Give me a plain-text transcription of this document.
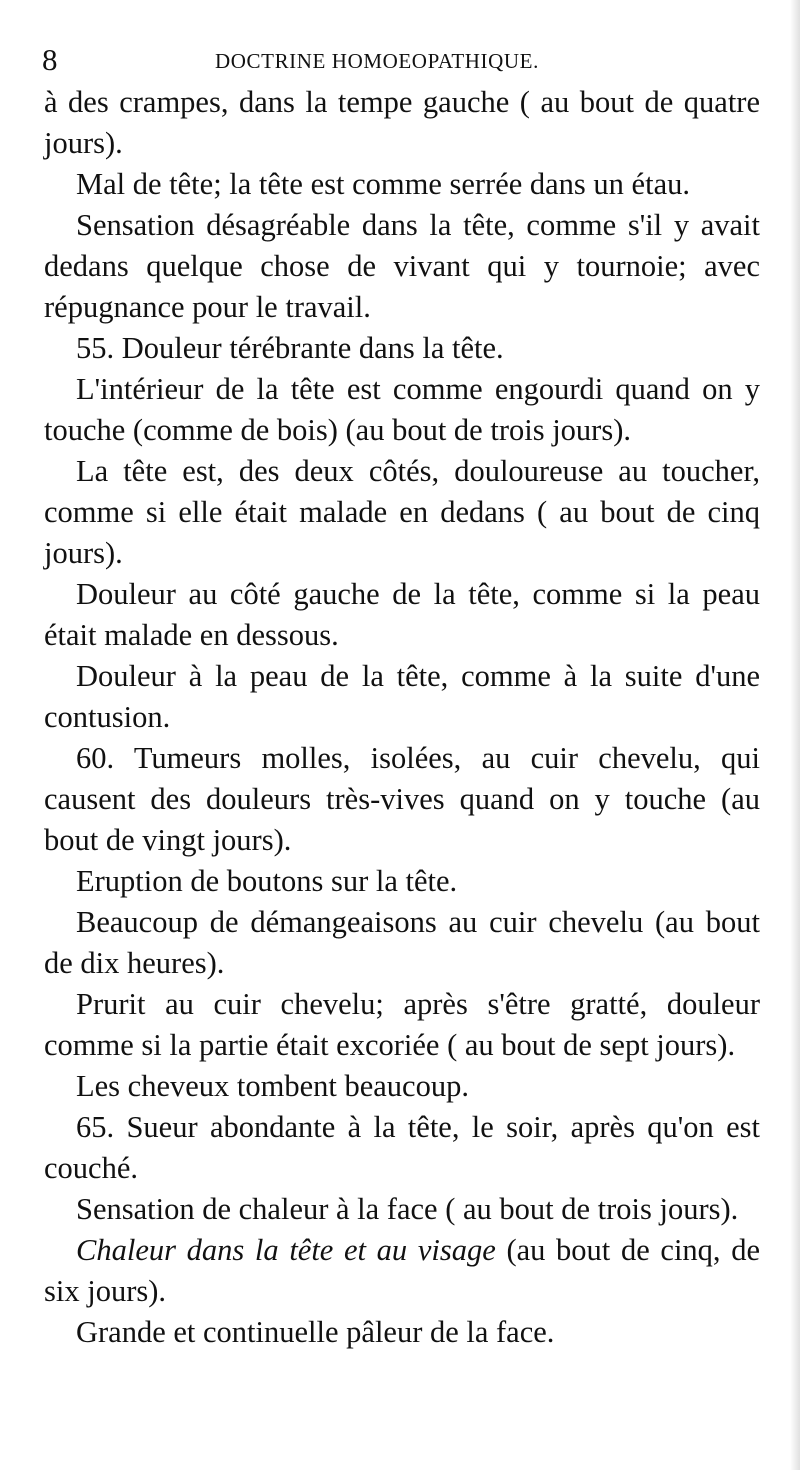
8	DOCTRINE HOMOEOPATHIQUE.

à des crampes, dans la tempe gauche ( au bout de quatre jours).

Mal de tête; la tête est comme serrée dans un étau.

Sensation désagréable dans la tête, comme s'il y avait dedans quelque chose de vivant qui y tournoie; avec répugnance pour le travail.

55. Douleur térébrante dans la tête.

L'intérieur de la tête est comme engourdi quand on y touche (comme de bois) (au bout de trois jours).

La tête est, des deux côtés, douloureuse au toucher, comme si elle était malade en dedans ( au bout de cinq jours).

Douleur au côté gauche de la tête, comme si la peau était malade en dessous.

Douleur à la peau de la tête, comme à la suite d'une contusion.

60. Tumeurs molles, isolées, au cuir chevelu, qui causent des douleurs très-vives quand on y touche (au bout de vingt jours).

Eruption de boutons sur la tête.

Beaucoup de démangeaisons au cuir chevelu (au bout de dix heures).

Prurit au cuir chevelu; après s'être gratté, douleur comme si la partie était excoriée ( au bout de sept jours).

Les cheveux tombent beaucoup.

65. Sueur abondante à la tête, le soir, après qu'on est couché.

Sensation de chaleur à la face ( au bout de trois jours).

Chaleur dans la tête et au visage (au bout de cinq, de six jours).

Grande et continuelle pâleur de la face.
